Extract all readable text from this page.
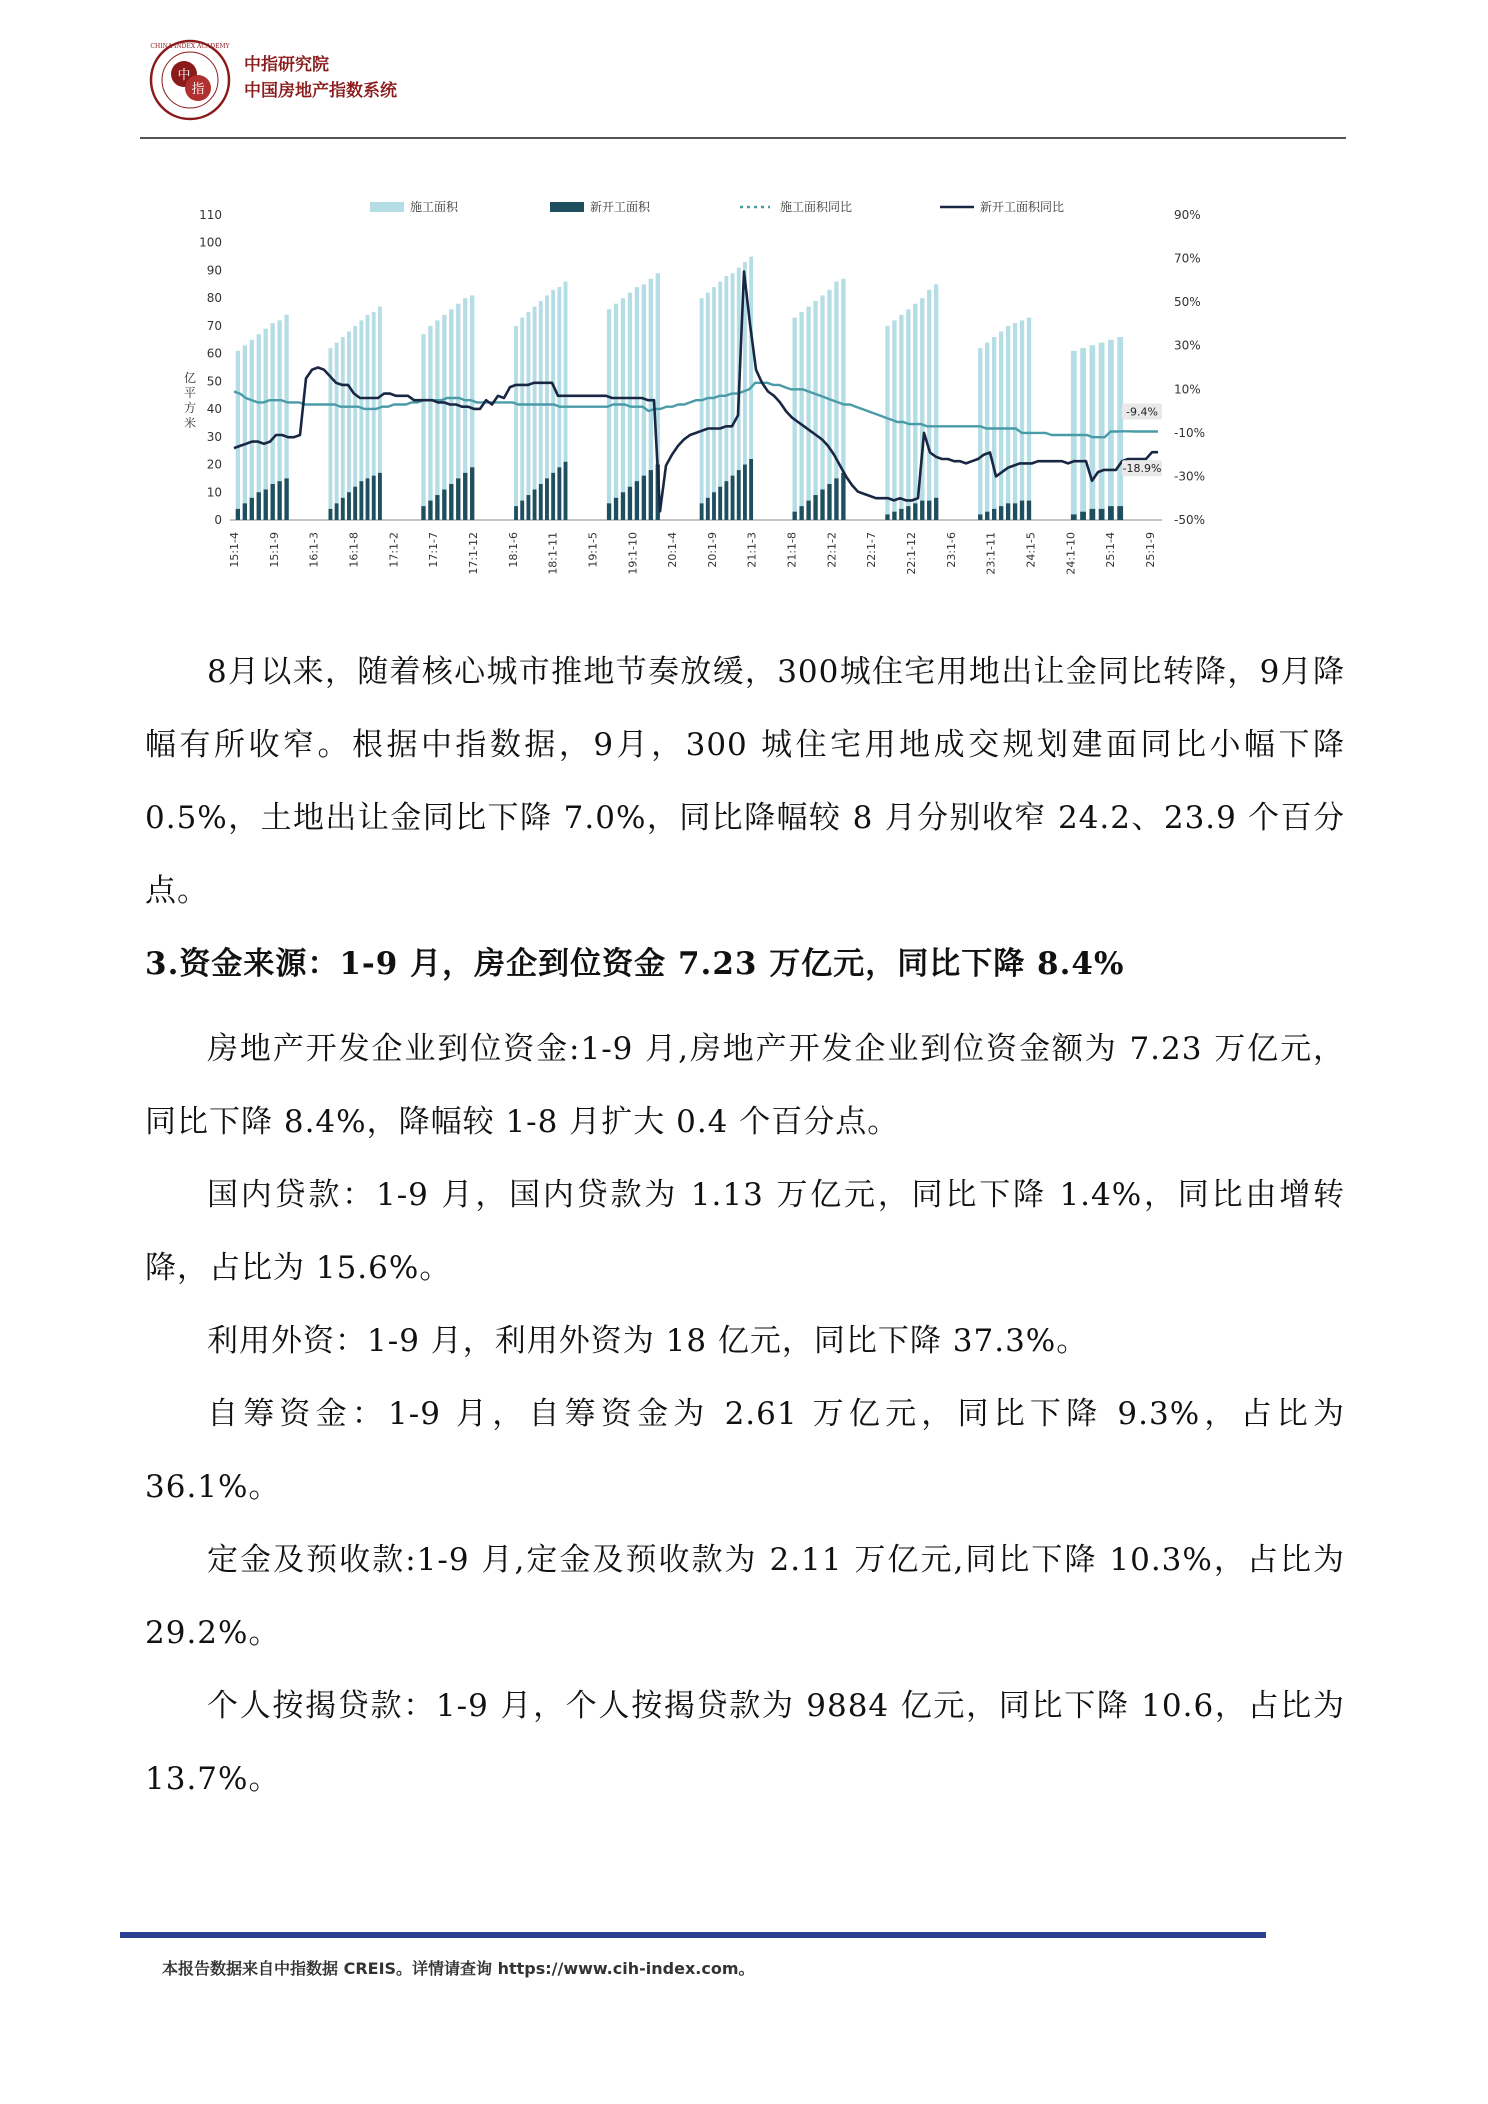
中
指
CHINA INDEX ACADEMY
中指研究院
中国房地产指数系统
施工面积	新开工面积	施工面积同比	新开工面积同比
0
10
20
30
40
50
60
70
80
90
100
110
-50%
-30%
-10%
10%
30%
50%
70%
90%
15:1-4 15:1-9 16:1-3 16:1-8 17:1-2 17:1-7 17:1-12 18:1-6 18:1-11 19:1-5 19:1-10 20:1-4 20:1-9 21:1-3 21:1-8 22:1-2 22:1-7 22:1-12 23:1-6 23:1-11 24:1-5 24:1-10 25:1-4 25:1-9
亿
平
方
米
-9.4%
-18.9%

8月以来，随着核心城市推地节奏放缓，300城住宅用地出让金同比转降，9月降幅有所收窄。根据中指数据，9月，300 城住宅用地成交规划建面同比小幅下降 0.5%，土地出让金同比下降 7.0%，同比降幅较 8 月分别收窄 24.2、23.9 个百分点。

3.资金来源：1-9 月，房企到位资金 7.23 万亿元，同比下降 8.4%

房地产开发企业到位资金:1-9 月,房地产开发企业到位资金额为 7.23 万亿元，同比下降 8.4%，降幅较 1-8 月扩大 0.4 个百分点。

国内贷款：1-9 月，国内贷款为 1.13 万亿元，同比下降 1.4%，同比由增转降，占比为 15.6%。

利用外资：1-9 月，利用外资为 18 亿元，同比下降 37.3%。

自筹资金：1-9 月，自筹资金为 2.61 万亿元，同比下降 9.3%，占比为 36.1%。

定金及预收款:1-9 月,定金及预收款为 2.11 万亿元,同比下降 10.3%，占比为 29.2%。

个人按揭贷款：1-9 月，个人按揭贷款为 9884 亿元，同比下降 10.6，占比为 13.7%。

本报告数据来自中指数据 CREIS。详情请查询 https://www.cih-index.com。
